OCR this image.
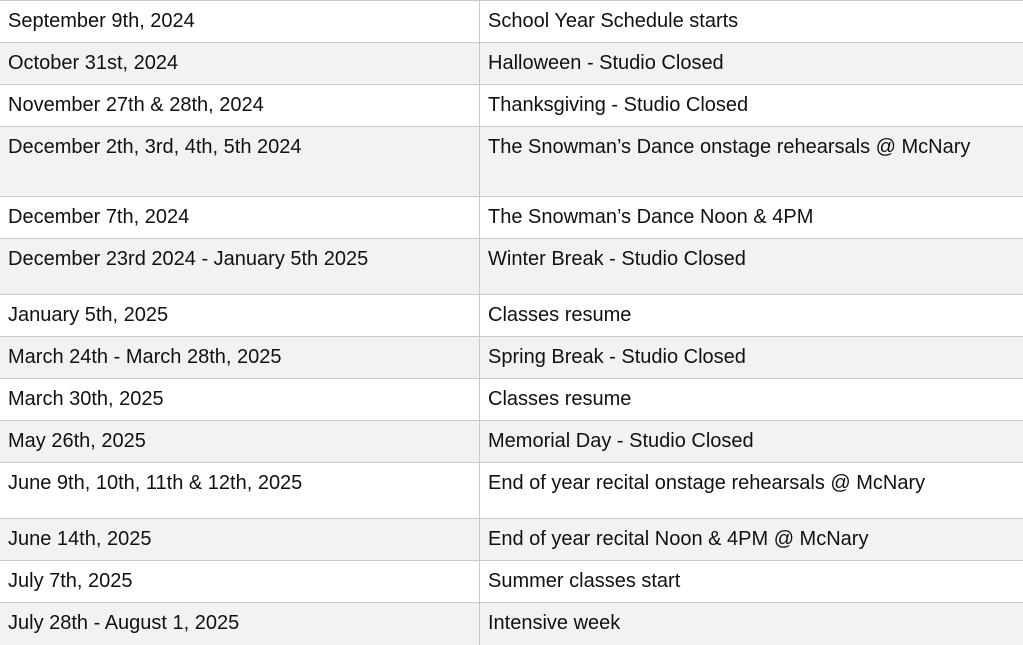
September 9th, 2024	School Year Schedule starts
October 31st, 2024	Halloween - Studio Closed
November 27th & 28th, 2024	Thanksgiving - Studio Closed
December 2th, 3rd, 4th, 5th 2024	The Snowman’s Dance onstage rehearsals @ McNary
December 7th, 2024	The Snowman’s Dance Noon & 4PM
December 23rd 2024 - January 5th 2025	Winter Break - Studio Closed
January 5th, 2025	Classes resume
March 24th - March 28th, 2025	Spring Break - Studio Closed
March 30th, 2025	Classes resume
May 26th, 2025	Memorial Day - Studio Closed
June 9th, 10th, 11th & 12th, 2025	End of year recital onstage rehearsals @ McNary
June 14th, 2025	End of year recital Noon & 4PM @ McNary
July 7th, 2025	Summer classes start
July 28th - August 1, 2025	Intensive week
